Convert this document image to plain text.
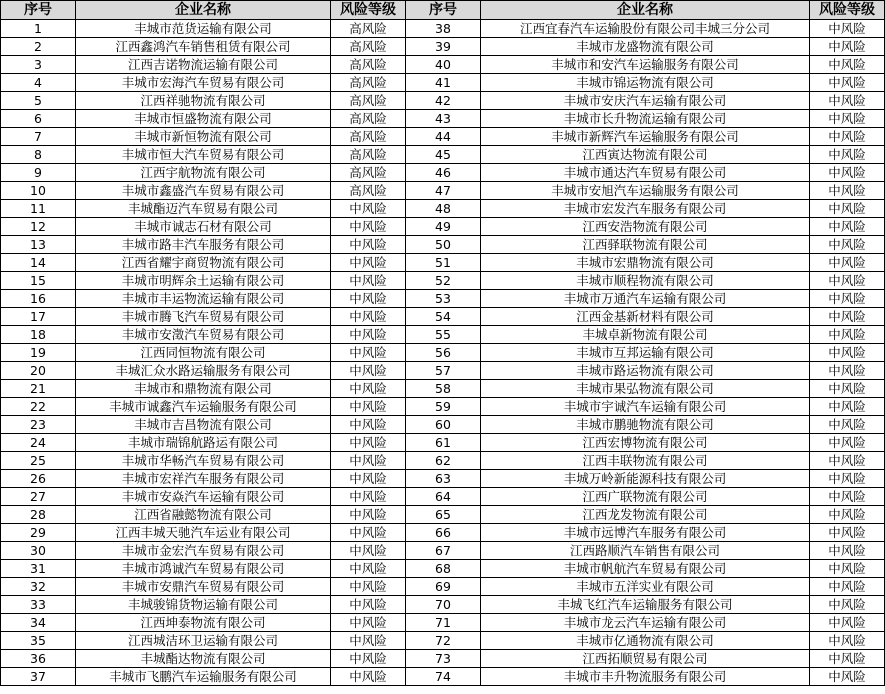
序号	企业名称	风险等级	序号	企业名称	风险等级
1	丰城市范货运输有限公司	高风险	38	江西宜春汽车运输股份有限公司丰城三分公司	中风险
2	江西鑫鸿汽车销售租赁有限公司	高风险	39	丰城市龙盛物流有限公司	中风险
3	江西吉诺物流运输有限公司	高风险	40	丰城市和安汽车运输服务有限公司	中风险
4	丰城市宏海汽车贸易有限公司	高风险	41	丰城市锦运物流有限公司	中风险
5	江西祥驰物流有限公司	高风险	42	丰城市安庆汽车运输有限公司	中风险
6	丰城市恒盛物流有限公司	高风险	43	丰城市长升物流运输有限公司	中风险
7	丰城市新恒物流有限公司	高风险	44	丰城市新辉汽车运输服务有限公司	中风险
8	丰城市恒大汽车贸易有限公司	高风险	45	江西寅达物流有限公司	中风险
9	江西宇航物流有限公司	高风险	46	丰城市通达汽车贸易有限公司	中风险
10	丰城市鑫盛汽车贸易有限公司	高风险	47	丰城市安旭汽车运输服务有限公司	中风险
11	丰城酯迈汽车贸易有限公司	中风险	48	丰城市宏发汽车服务有限公司	中风险
12	丰城市诚志石材有限公司	中风险	49	江西安浩物流有限公司	中风险
13	丰城市路丰汽车服务有限公司	中风险	50	江西驿联物流有限公司	中风险
14	江西省耀宇商贸物流有限公司	中风险	51	丰城市宏鼎物流有限公司	中风险
15	丰城市明辉余土运输有限公司	中风险	52	丰城市顺程物流有限公司	中风险
16	丰城市丰运物流运输有限公司	中风险	53	丰城市万通汽车运输有限公司	中风险
17	丰城市腾飞汽车贸易有限公司	中风险	54	江西金基新材料有限公司	中风险
18	丰城市安澂汽车贸易有限公司	中风险	55	丰城卓新物流有限公司	中风险
19	江西同恒物流有限公司	中风险	56	丰城市互邦运输有限公司	中风险
20	丰城汇众水路运输服务有限公司	中风险	57	丰城市路运物流有限公司	中风险
21	丰城市和鼎物流有限公司	中风险	58	丰城市果弘物流有限公司	中风险
22	丰城市诚鑫汽车运输服务有限公司	中风险	59	丰城市宇诚汽车运输有限公司	中风险
23	丰城市吉昌物流有限公司	中风险	60	丰城市鹏驰物流有限公司	中风险
24	丰城市瑞锦航路运有限公司	中风险	61	江西宏博物流有限公司	中风险
25	丰城市华畅汽车贸易有限公司	中风险	62	江西丰联物流有限公司	中风险
26	丰城市宏祥汽车服务有限公司	中风险	63	丰城万岭新能源科技有限公司	中风险
27	丰城市安焱汽车运输有限公司	中风险	64	江西广联物流有限公司	中风险
28	江西省融懿物流有限公司	中风险	65	江西龙发物流有限公司	中风险
29	江西丰城天驰汽车运业有限公司	中风险	66	丰城市远博汽车服务有限公司	中风险
30	丰城市金宏汽车贸易有限公司	中风险	67	江西路顺汽车销售有限公司	中风险
31	丰城市鸿诚汽车贸易有限公司	中风险	68	丰城市帆航汽车贸易有限公司	中风险
32	丰城市安鼎汽车贸易有限公司	中风险	69	丰城市五洋实业有限公司	中风险
33	丰城骏锦货物运输有限公司	中风险	70	丰城飞红汽车运输服务有限公司	中风险
34	江西坤泰物流有限公司	中风险	71	丰城市龙云汽车运输有限公司	中风险
35	江西城洁环卫运输有限公司	中风险	72	丰城市亿通物流有限公司	中风险
36	丰城酯达物流有限公司	中风险	73	江西拓顺贸易有限公司	中风险
37	丰城市飞鹏汽车运输服务有限公司	中风险	74	丰城市丰升物流服务有限公司	中风险
